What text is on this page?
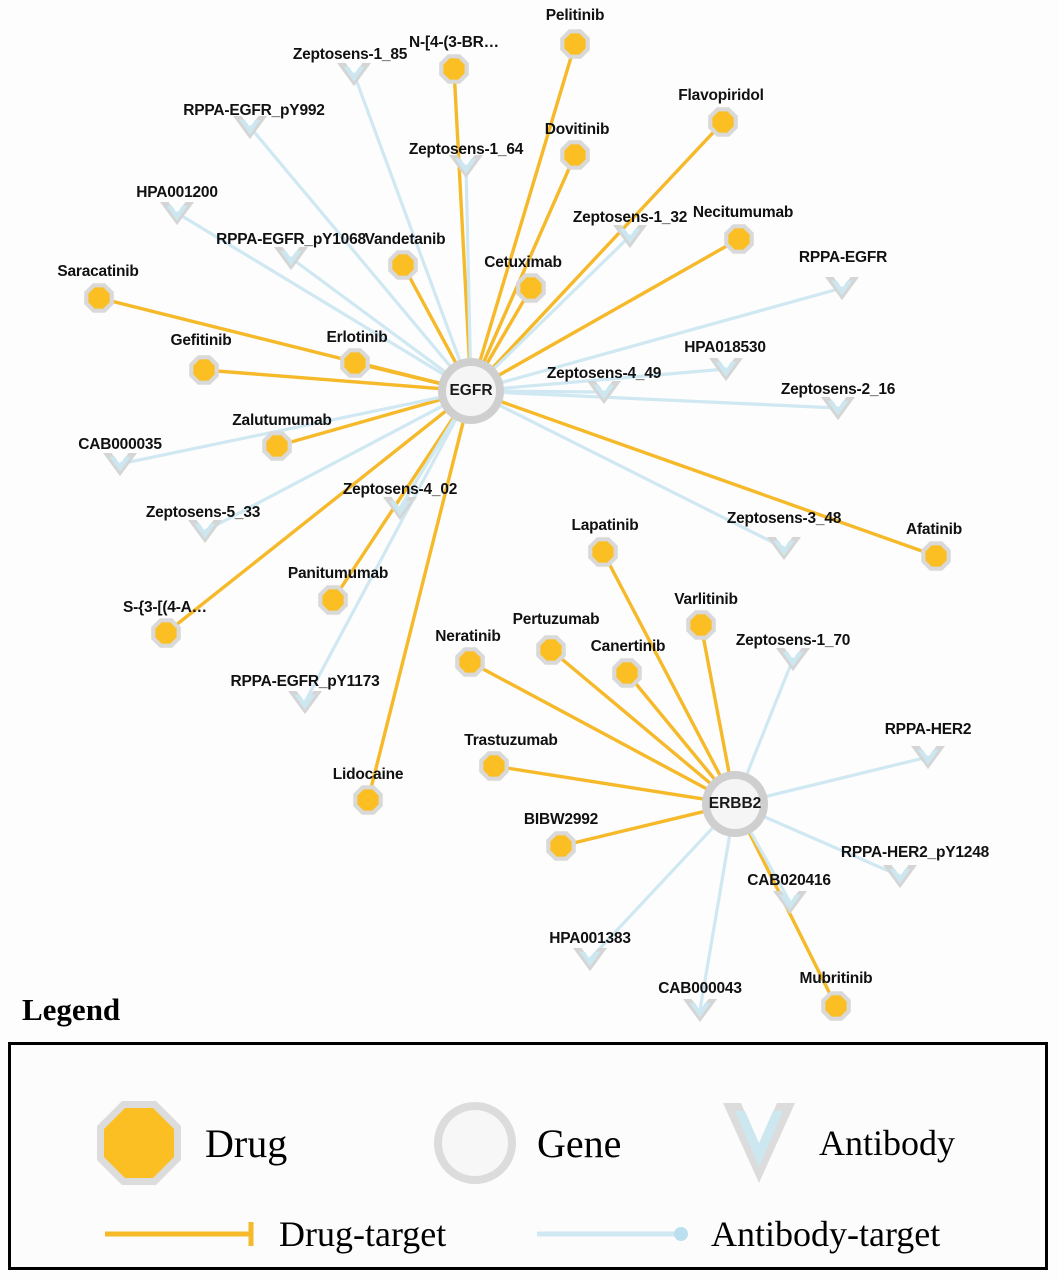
Pelitinib
N-[4-(3-BR…
Flavopiridol
Dovitinib
Necitumumab
Vandetanib
Cetuximab
Saracatinib
Erlotinib
Gefitinib
Zalutumumab
Afatinib
Lapatinib
Varlitinib
Panitumumab
S-{3-[(4-A…
Pertuzumab
Canertinib
Neratinib
Trastuzumab
Lidocaine
BIBW2992
Mubritinib
Zeptosens-1_85
RPPA-EGFR_pY992
Zeptosens-1_64
HPA001200
Zeptosens-1_32
RPPA-EGFR_pY1068
RPPA-EGFR
HPA018530
Zeptosens-4_49
Zeptosens-2_16
CAB000035
Zeptosens-4_02
Zeptosens-5_33	Zeptosens-3_48
Zeptosens-1_70
RPPA-EGFR_pY1173
RPPA-HER2
RPPA-HER2_pY1248
CAB020416
HPA001383
CAB000043
EGFR
ERBB2
Legend
Drug	Gene	Antibody
Drug-target	Antibody-target
